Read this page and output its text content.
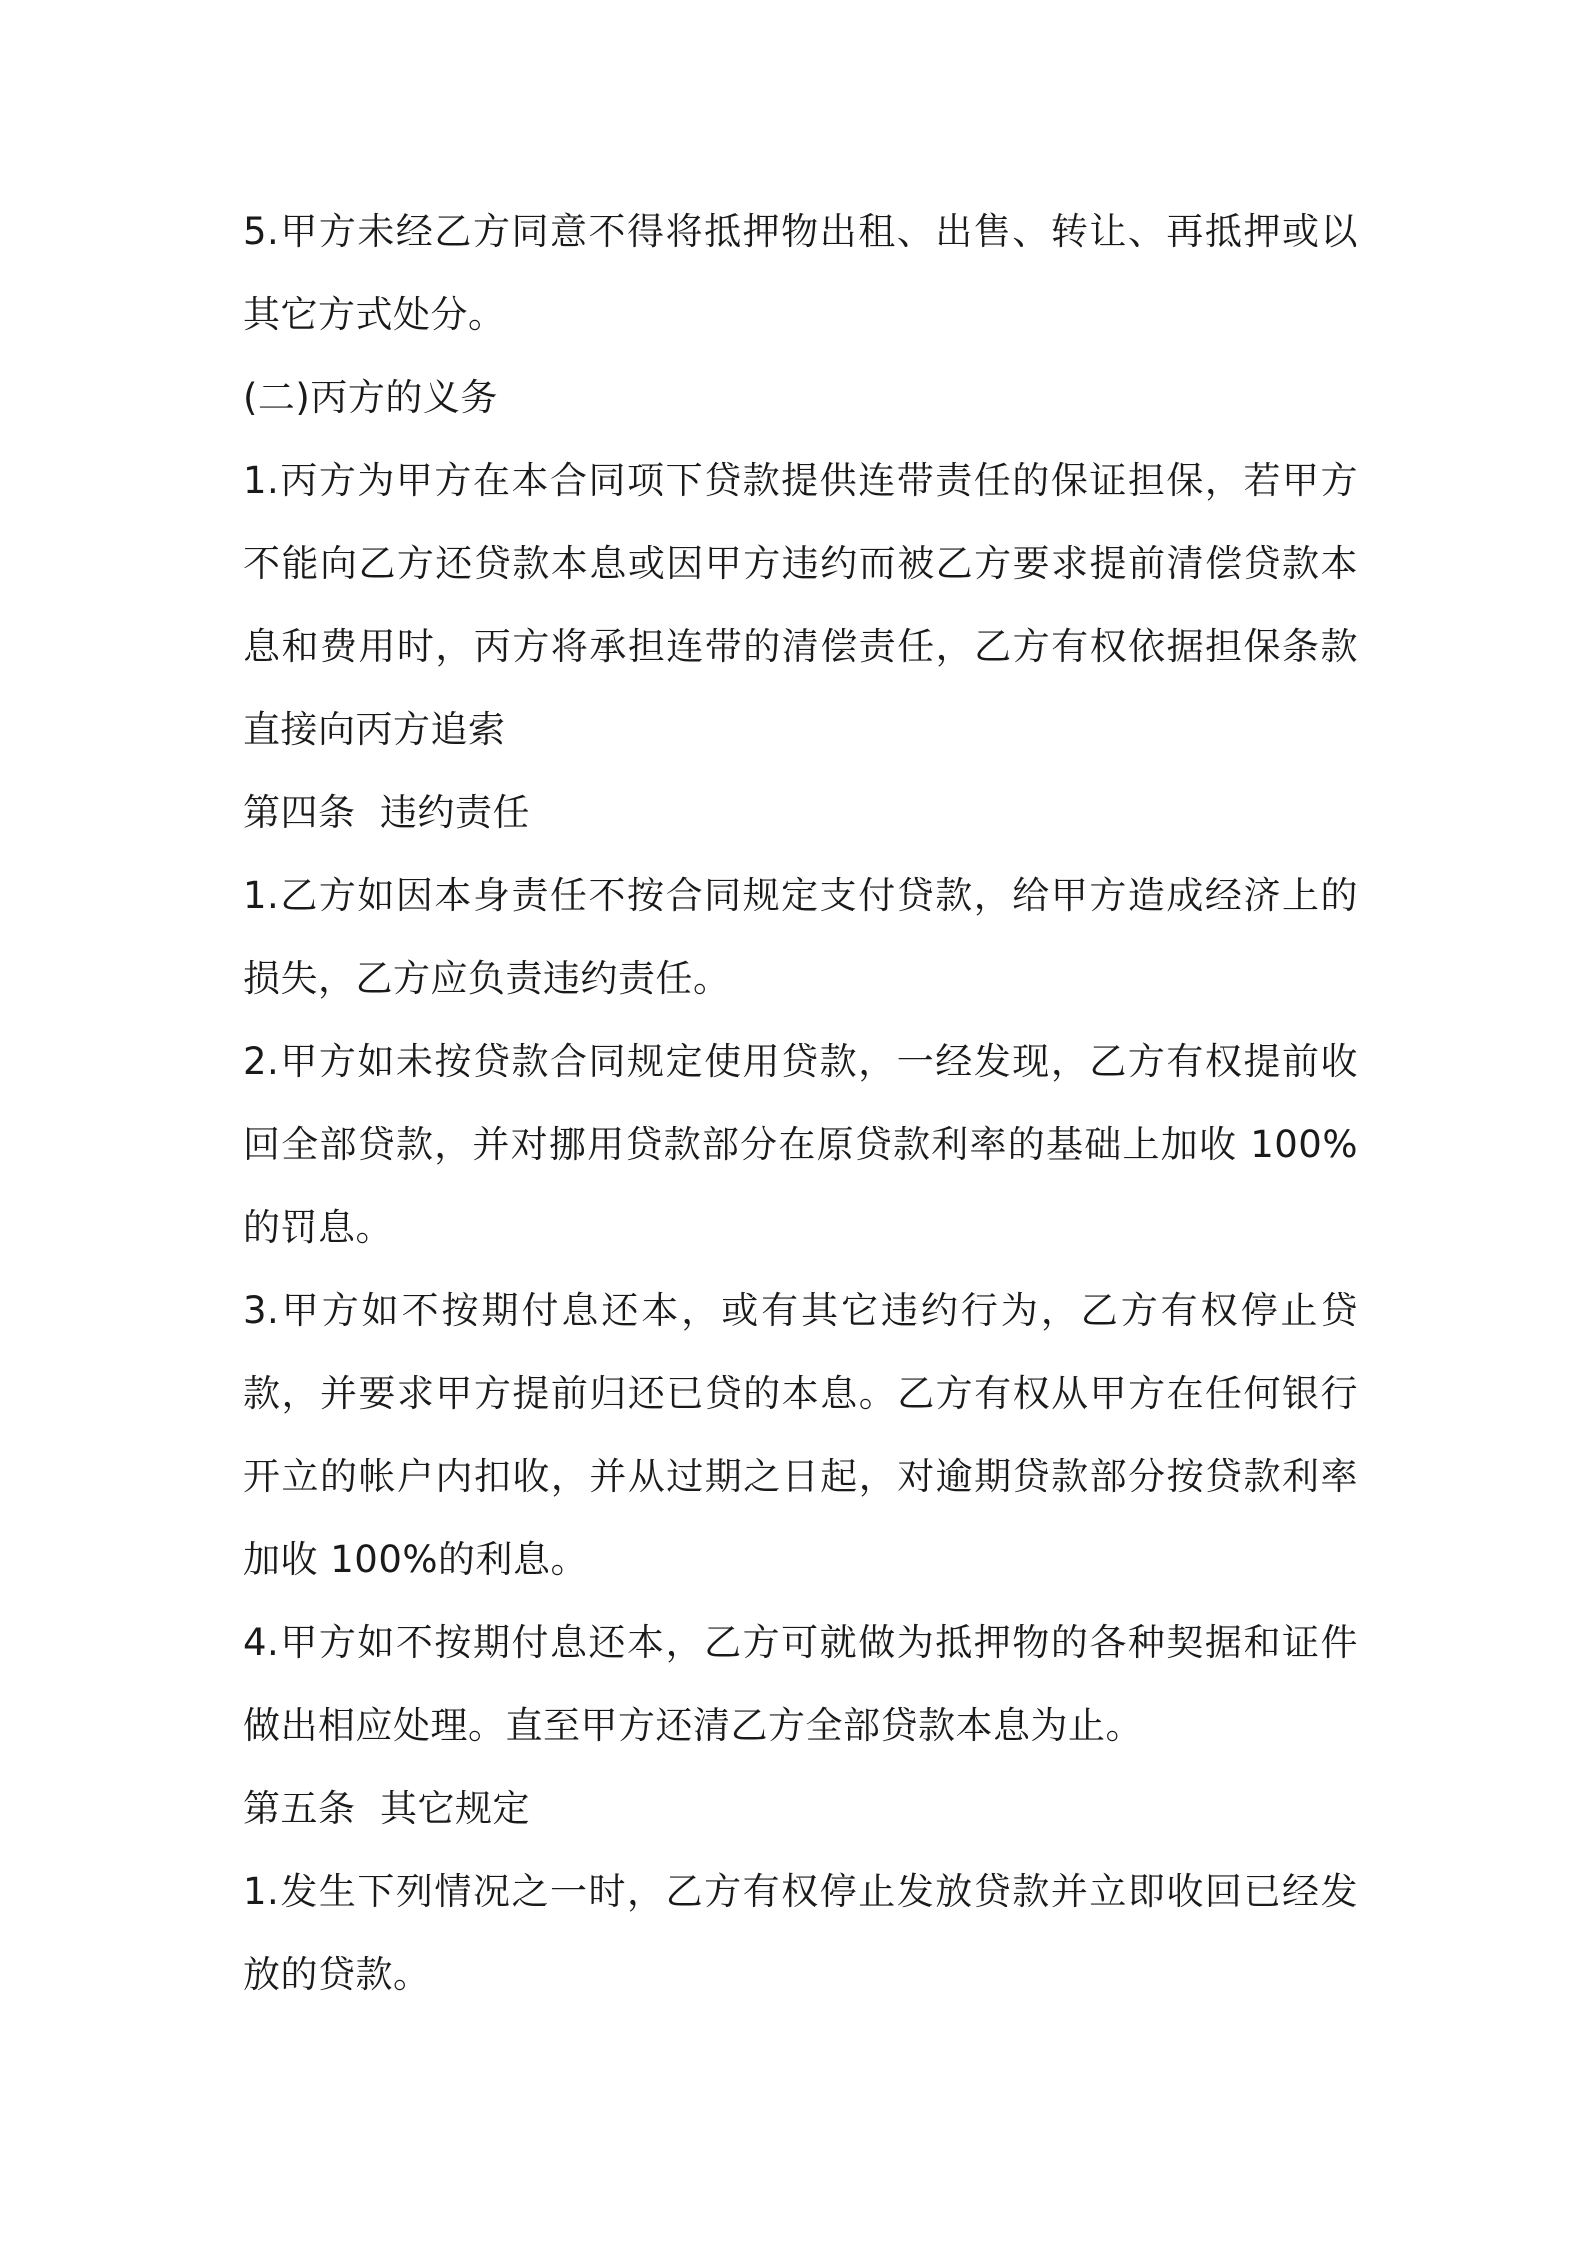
5.甲方未经乙方同意不得将抵押物出租、出售、转让、再抵押或以其它方式处分。

(二)丙方的义务

1.丙方为甲方在本合同项下贷款提供连带责任的保证担保，若甲方不能向乙方还贷款本息或因甲方违约而被乙方要求提前清偿贷款本息和费用时，丙方将承担连带的清偿责任，乙方有权依据担保条款直接向丙方追索

第四条  违约责任

1.乙方如因本身责任不按合同规定支付贷款，给甲方造成经济上的损失，乙方应负责违约责任。

2.甲方如未按贷款合同规定使用贷款，一经发现，乙方有权提前收回全部贷款，并对挪用贷款部分在原贷款利率的基础上加收 100%的罚息。

3.甲方如不按期付息还本，或有其它违约行为，乙方有权停止贷款，并要求甲方提前归还已贷的本息。乙方有权从甲方在任何银行开立的帐户内扣收，并从过期之日起，对逾期贷款部分按贷款利率加收 100%的利息。

4.甲方如不按期付息还本，乙方可就做为抵押物的各种契据和证件做出相应处理。直至甲方还清乙方全部贷款本息为止。

第五条  其它规定

1.发生下列情况之一时，乙方有权停止发放贷款并立即收回已经发放的贷款。
